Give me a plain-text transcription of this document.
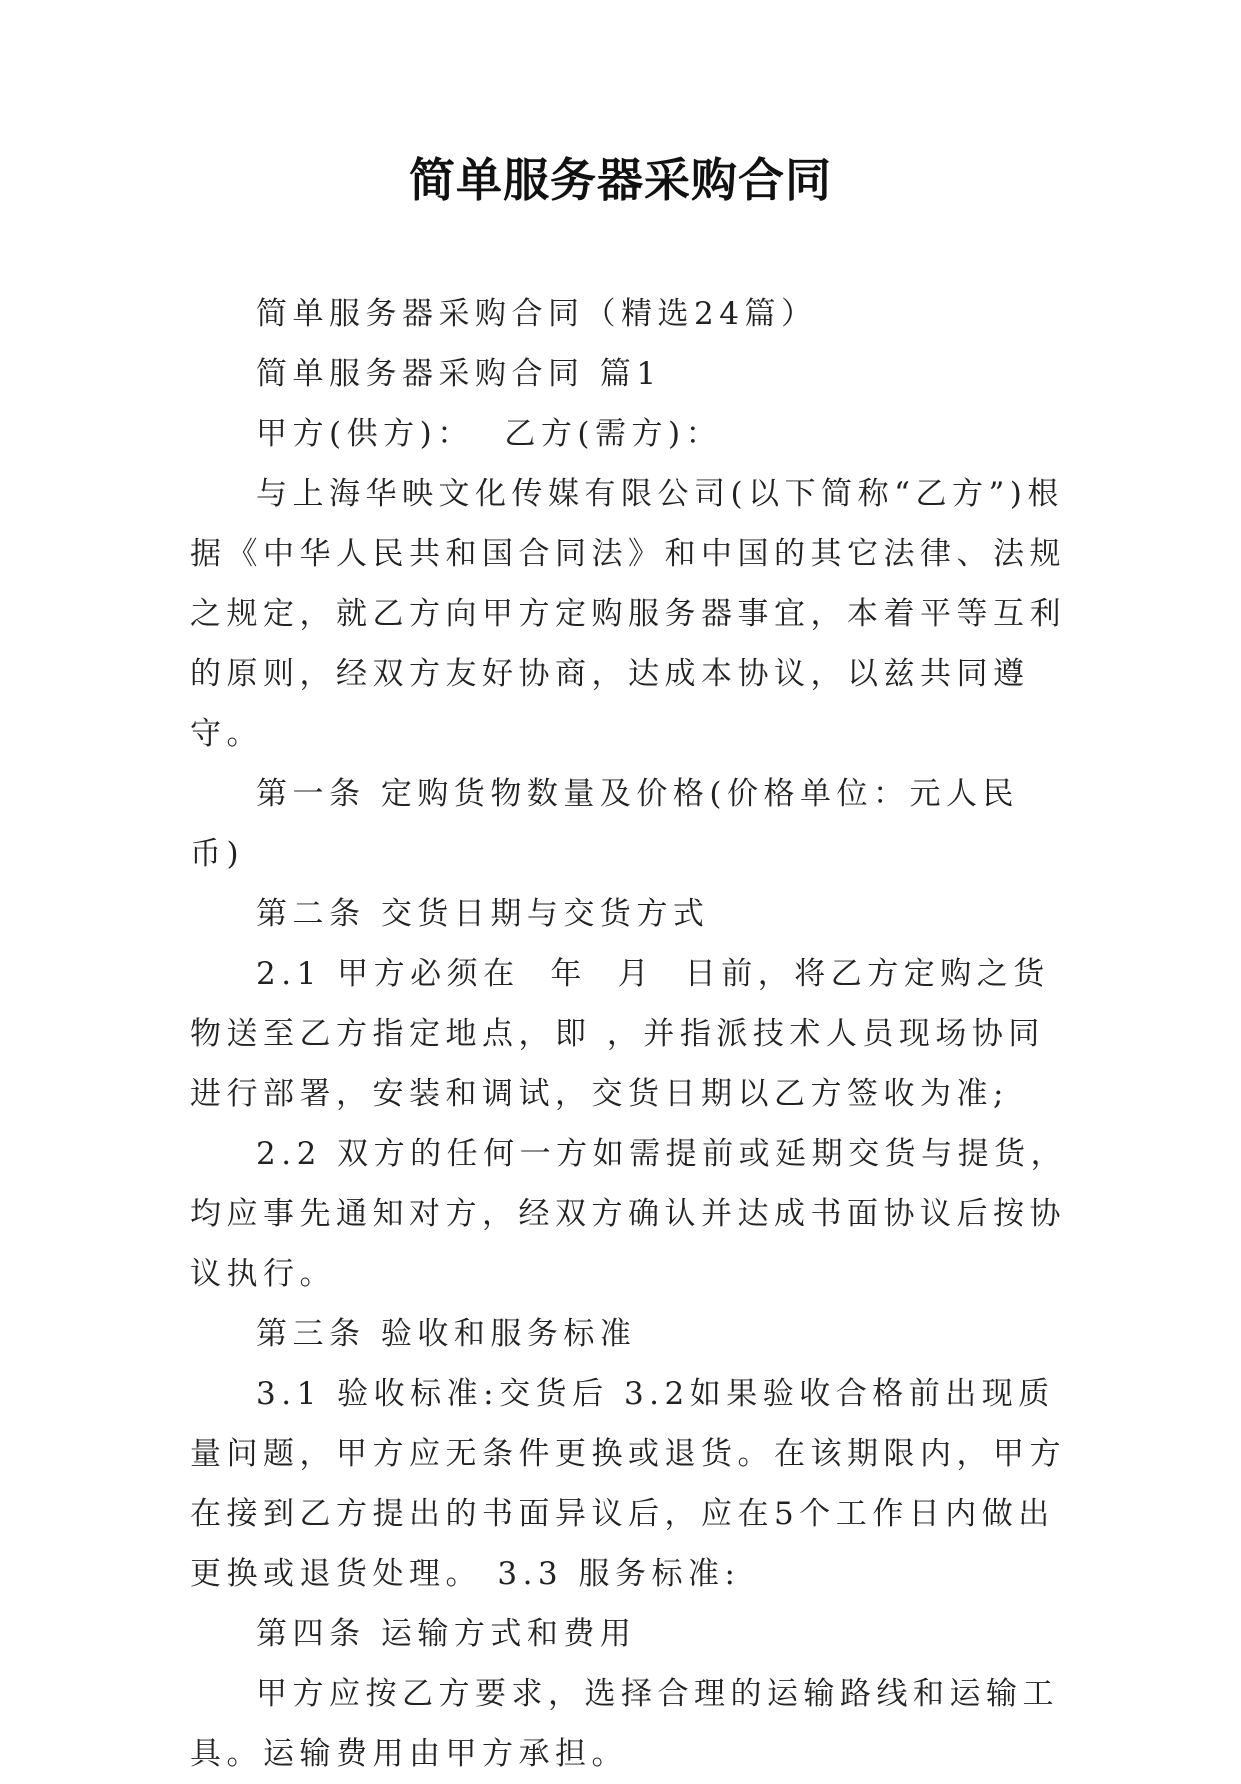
简单服务器采购合同

简单服务器采购合同（精选24篇）

简单服务器采购合同 篇1

甲方(供方)：  乙方(需方)：

与上海华映文化传媒有限公司(以下简称“乙方”)根据《中华人民共和国合同法》和中国的其它法律、法规之规定，就乙方向甲方定购服务器事宜，本着平等互利的原则，经双方友好协商，达成本协议，以兹共同遵守。

第一条 定购货物数量及价格(价格单位：元人民币)

第二条 交货日期与交货方式

2.1 甲方必须在  年  月  日前，将乙方定购之货物送至乙方指定地点，即 ，并指派技术人员现场协同进行部署，安装和调试，交货日期以乙方签收为准;

2.2 双方的任何一方如需提前或延期交货与提货，均应事先通知对方，经双方确认并达成书面协议后按协议执行。

第三条 验收和服务标准

3.1 验收标准:交货后 3.2如果验收合格前出现质量问题，甲方应无条件更换或退货。在该期限内，甲方在接到乙方提出的书面异议后，应在5个工作日内做出更换或退货处理。 3.3 服务标准:

第四条 运输方式和费用

甲方应按乙方要求，选择合理的运输路线和运输工具。运输费用由甲方承担。
